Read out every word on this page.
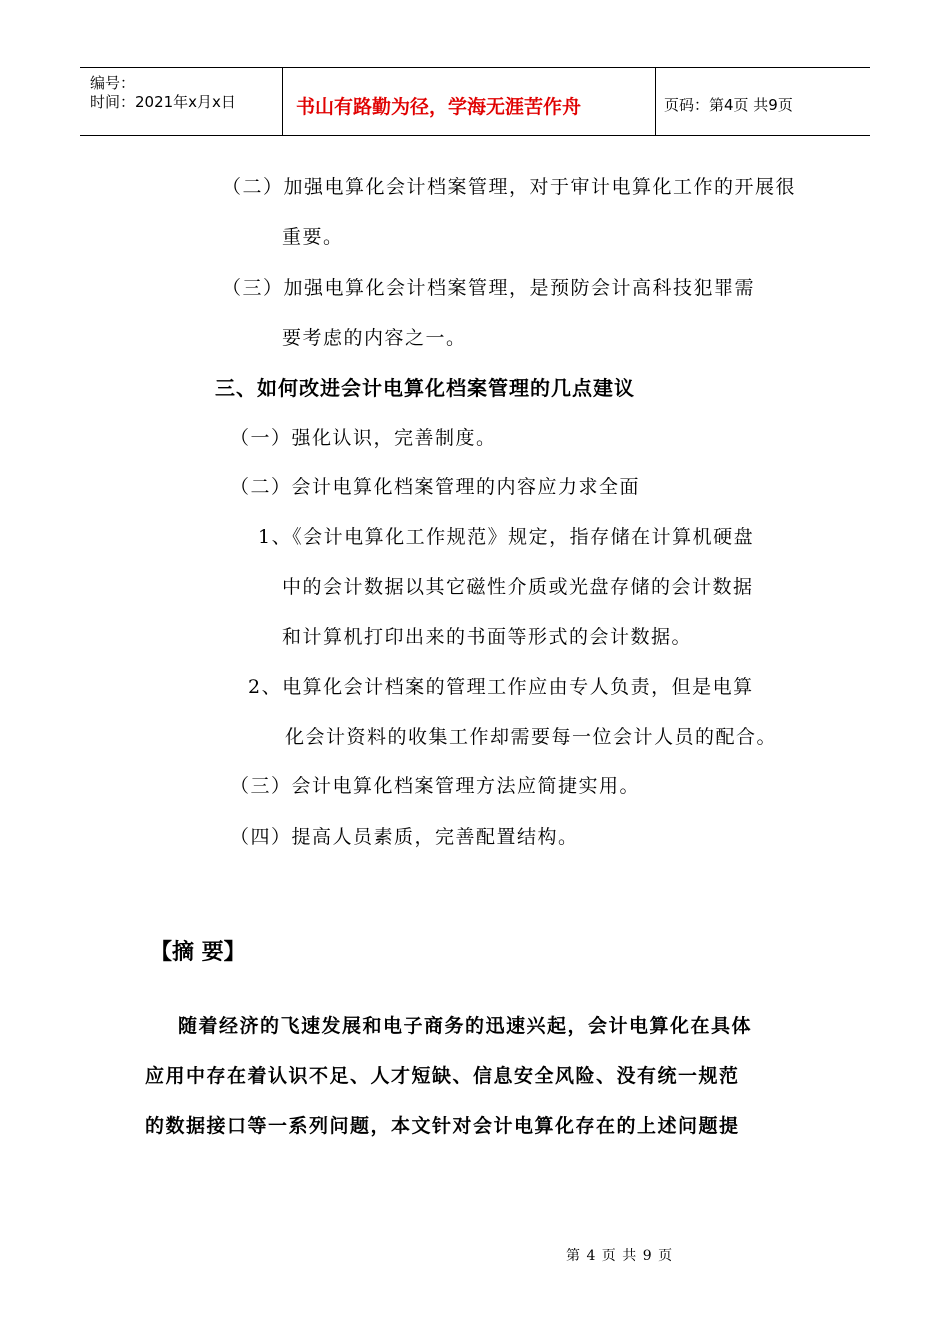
编号：
时间：2021年x月x日	书山有路勤为径，学海无涯苦作舟	页码：第4页 共9页
（二）加强电算化会计档案管理，对于审计电算化工作的开展很
重要。
（三）加强电算化会计档案管理，是预防会计高科技犯罪需
要考虑的内容之一。
三、如何改进会计电算化档案管理的几点建议
（一）强化认识，完善制度。
（二）会计电算化档案管理的内容应力求全面
1、《会计电算化工作规范》规定，指存储在计算机硬盘
中的会计数据以其它磁性介质或光盘存储的会计数据
和计算机打印出来的书面等形式的会计数据。
2、电算化会计档案的管理工作应由专人负责，但是电算
化会计资料的收集工作却需要每一位会计人员的配合。
（三）会计电算化档案管理方法应简捷实用。
（四）提高人员素质，完善配置结构。
【摘 要】
随着经济的飞速发展和电子商务的迅速兴起，会计电算化在具体
应用中存在着认识不足、人才短缺、信息安全风险、没有统一规范
的数据接口等一系列问题，本文针对会计电算化存在的上述问题提
第 4 页 共 9 页
